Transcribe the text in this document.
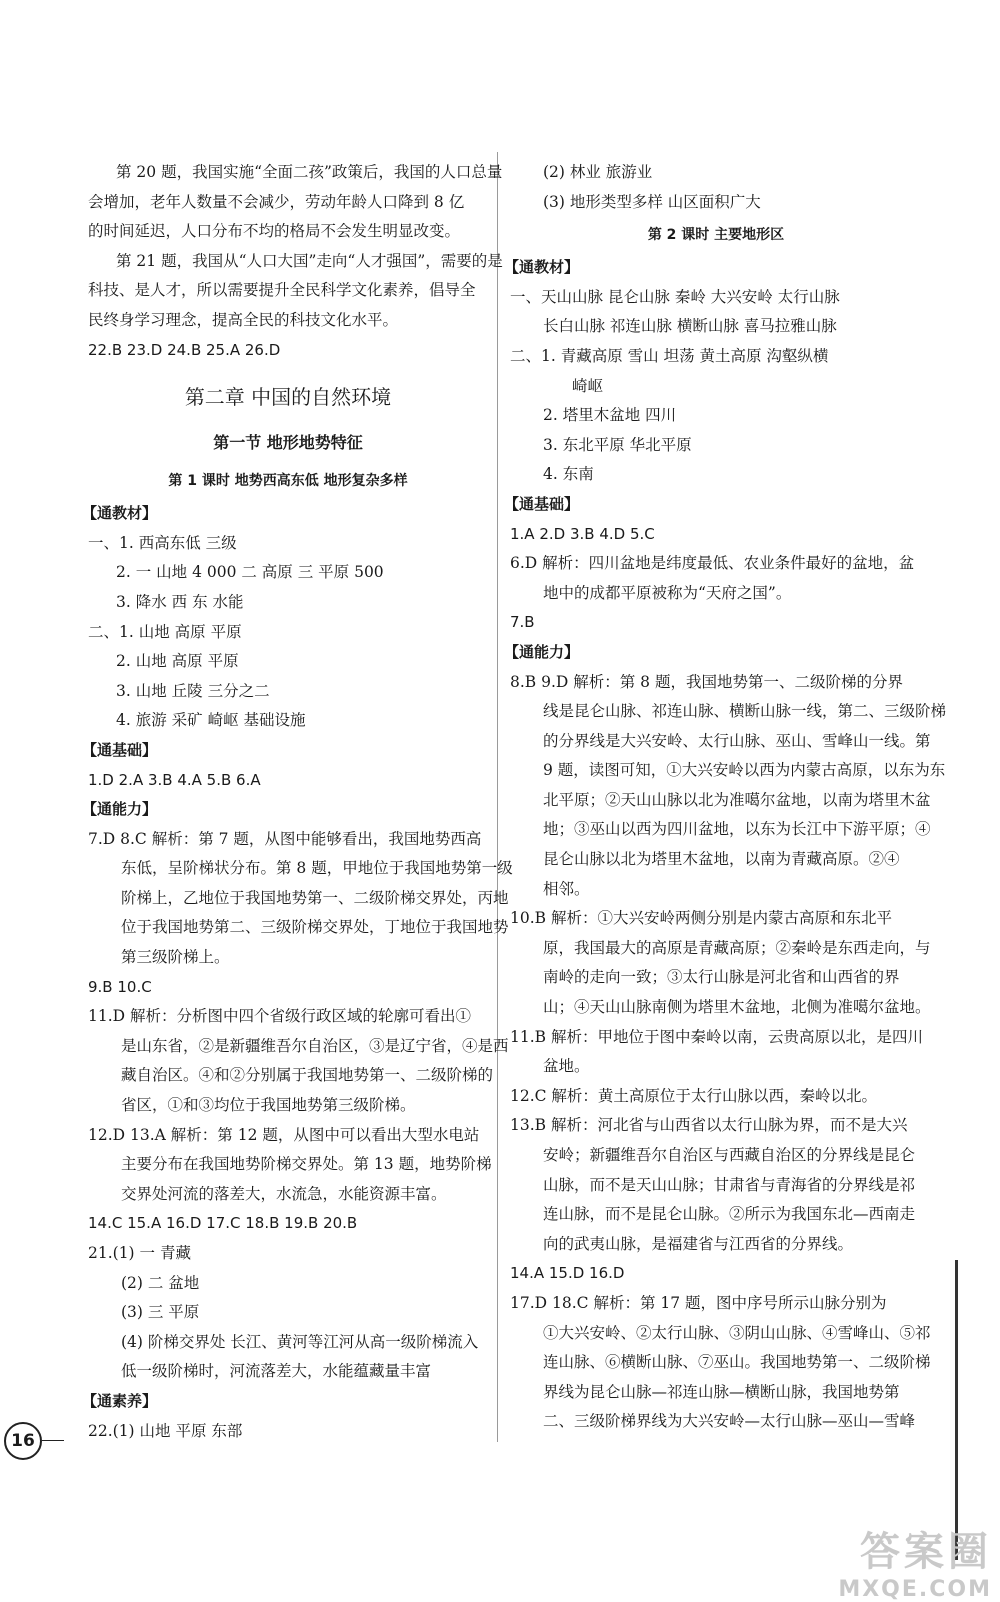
第 20 题，我国实施“全面二孩”政策后，我国的人口总量
会增加，老年人数量不会减少，劳动年龄人口降到 8 亿
的时间延迟，人口分布不均的格局不会发生明显改变。
第 21 题，我国从“人口大国”走向“人才强国”，需要的是
科技、是人才，所以需要提升全民科学文化素养，倡导全
民终身学习理念，提高全民的科技文化水平。
22.B 23.D 24.B 25.A 26.D
第二章 中国的自然环境
第一节 地形地势特征
第 1 课时 地势西高东低 地形复杂多样
【通教材】
一、1. 西高东低 三级
2. 一 山地 4 000 二 高原 三 平原 500
3. 降水 西 东 水能
二、1. 山地 高原 平原
2. 山地 高原 平原
3. 山地 丘陵 三分之二
4. 旅游 采矿 崎岖 基础设施
【通基础】
1.D 2.A 3.B 4.A 5.B 6.A
【通能力】
7.D 8.C 解析：第 7 题，从图中能够看出，我国地势西高
东低，呈阶梯状分布。第 8 题，甲地位于我国地势第一级
阶梯上，乙地位于我国地势第一、二级阶梯交界处，丙地
位于我国地势第二、三级阶梯交界处，丁地位于我国地势
第三级阶梯上。
9.B 10.C
11.D 解析：分析图中四个省级行政区域的轮廓可看出①
是山东省，②是新疆维吾尔自治区，③是辽宁省，④是西
藏自治区。④和②分别属于我国地势第一、二级阶梯的
省区，①和③均位于我国地势第三级阶梯。
12.D 13.A 解析：第 12 题，从图中可以看出大型水电站
主要分布在我国地势阶梯交界处。第 13 题，地势阶梯
交界处河流的落差大，水流急，水能资源丰富。
14.C 15.A 16.D 17.C 18.B 19.B 20.B
21.(1) 一 青藏
(2) 二 盆地
(3) 三 平原
(4) 阶梯交界处 长江、黄河等江河从高一级阶梯流入
低一级阶梯时，河流落差大，水能蕴藏量丰富
【通素养】
22.(1) 山地 平原 东部
(2) 林业 旅游业
(3) 地形类型多样 山区面积广大
第 2 课时 主要地形区
【通教材】
一、天山山脉 昆仑山脉 秦岭 大兴安岭 太行山脉
长白山脉 祁连山脉 横断山脉 喜马拉雅山脉
二、1. 青藏高原 雪山 坦荡 黄土高原 沟壑纵横
崎岖
2. 塔里木盆地 四川
3. 东北平原 华北平原
4. 东南
【通基础】
1.A 2.D 3.B 4.D 5.C
6.D 解析：四川盆地是纬度最低、农业条件最好的盆地，盆
地中的成都平原被称为“天府之国”。
7.B
【通能力】
8.B 9.D 解析：第 8 题，我国地势第一、二级阶梯的分界
线是昆仑山脉、祁连山脉、横断山脉一线，第二、三级阶梯
的分界线是大兴安岭、太行山脉、巫山、雪峰山一线。第
9 题，读图可知，①大兴安岭以西为内蒙古高原，以东为东
北平原；②天山山脉以北为准噶尔盆地，以南为塔里木盆
地；③巫山以西为四川盆地，以东为长江中下游平原；④
昆仑山脉以北为塔里木盆地，以南为青藏高原。②④
相邻。
10.B 解析：①大兴安岭两侧分别是内蒙古高原和东北平
原，我国最大的高原是青藏高原；②秦岭是东西走向，与
南岭的走向一致；③太行山脉是河北省和山西省的界
山；④天山山脉南侧为塔里木盆地，北侧为准噶尔盆地。
11.B 解析：甲地位于图中秦岭以南，云贵高原以北，是四川
盆地。
12.C 解析：黄土高原位于太行山脉以西，秦岭以北。
13.B 解析：河北省与山西省以太行山脉为界，而不是大兴
安岭；新疆维吾尔自治区与西藏自治区的分界线是昆仑
山脉，而不是天山山脉；甘肃省与青海省的分界线是祁
连山脉，而不是昆仑山脉。②所示为我国东北—西南走
向的武夷山脉，是福建省与江西省的分界线。
14.A 15.D 16.D
17.D 18.C 解析：第 17 题，图中序号所示山脉分别为
①大兴安岭、②太行山脉、③阴山山脉、④雪峰山、⑤祁
连山脉、⑥横断山脉、⑦巫山。我国地势第一、二级阶梯
界线为昆仑山脉—祁连山脉—横断山脉，我国地势第
二、三级阶梯界线为大兴安岭—太行山脉—巫山—雪峰
16
答案圈
MXQE.COM
